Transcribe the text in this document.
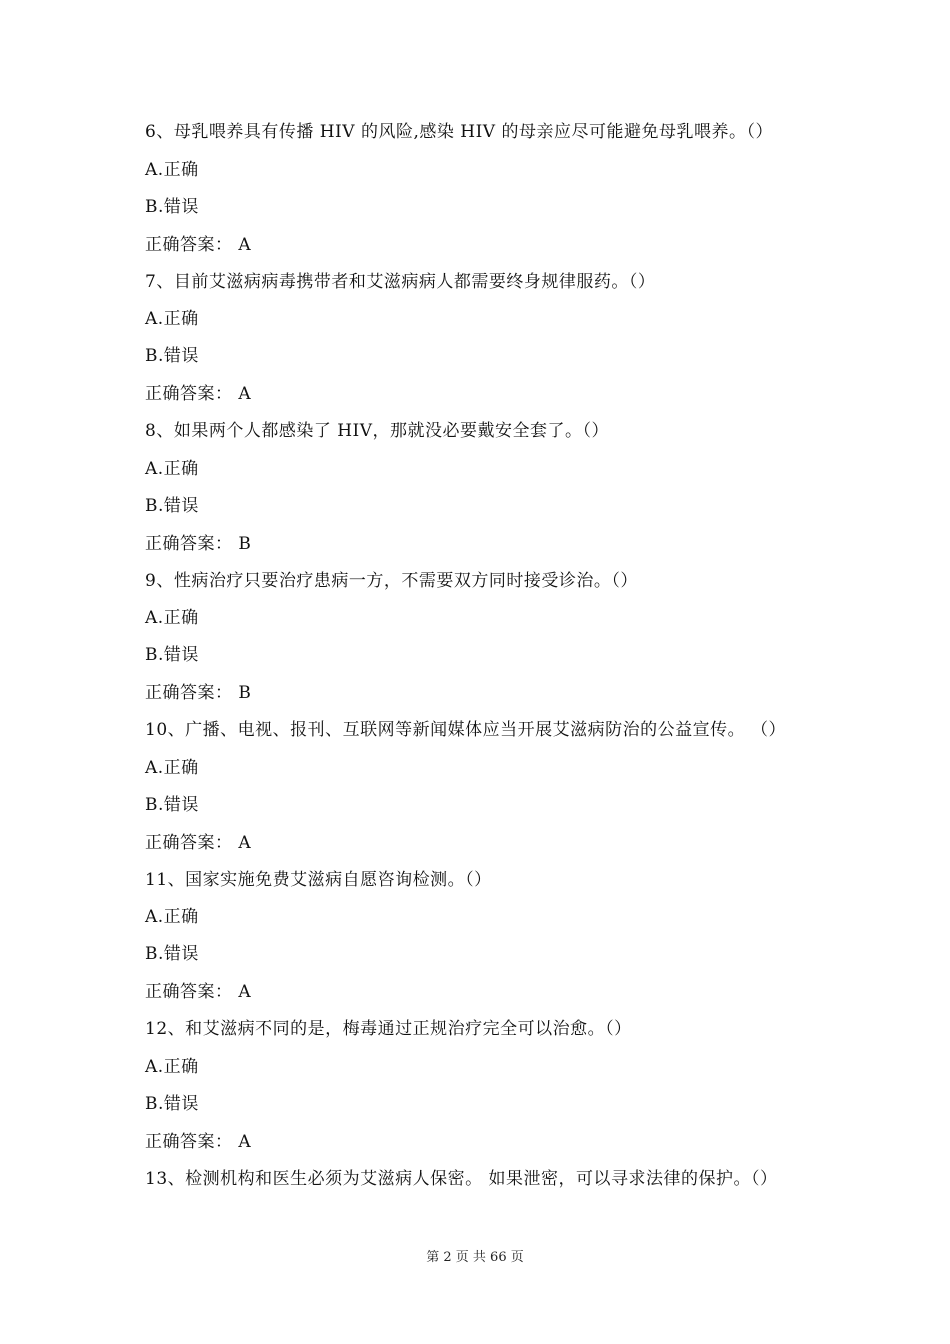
6、母乳喂养具有传播 HIV 的风险,感染 HIV 的母亲应尽可能避免母乳喂养。（）
A.正确
B.错误
正确答案： A
7、目前艾滋病病毒携带者和艾滋病病人都需要终身规律服药。（）
A.正确
B.错误
正确答案： A
8、如果两个人都感染了 HIV，那就没必要戴安全套了。（）
A.正确
B.错误
正确答案： B
9、性病治疗只要治疗患病一方，不需要双方同时接受诊治。（）
A.正确
B.错误
正确答案： B
10、广播、电视、报刊、互联网等新闻媒体应当开展艾滋病防治的公益宣传。 （）
A.正确
B.错误
正确答案： A
11、国家实施免费艾滋病自愿咨询检测。（）
A.正确
B.错误
正确答案： A
12、和艾滋病不同的是，梅毒通过正规治疗完全可以治愈。（）
A.正确
B.错误
正确答案： A
13、检测机构和医生必须为艾滋病人保密。 如果泄密，可以寻求法律的保护。（）
第 2 页 共 66 页
